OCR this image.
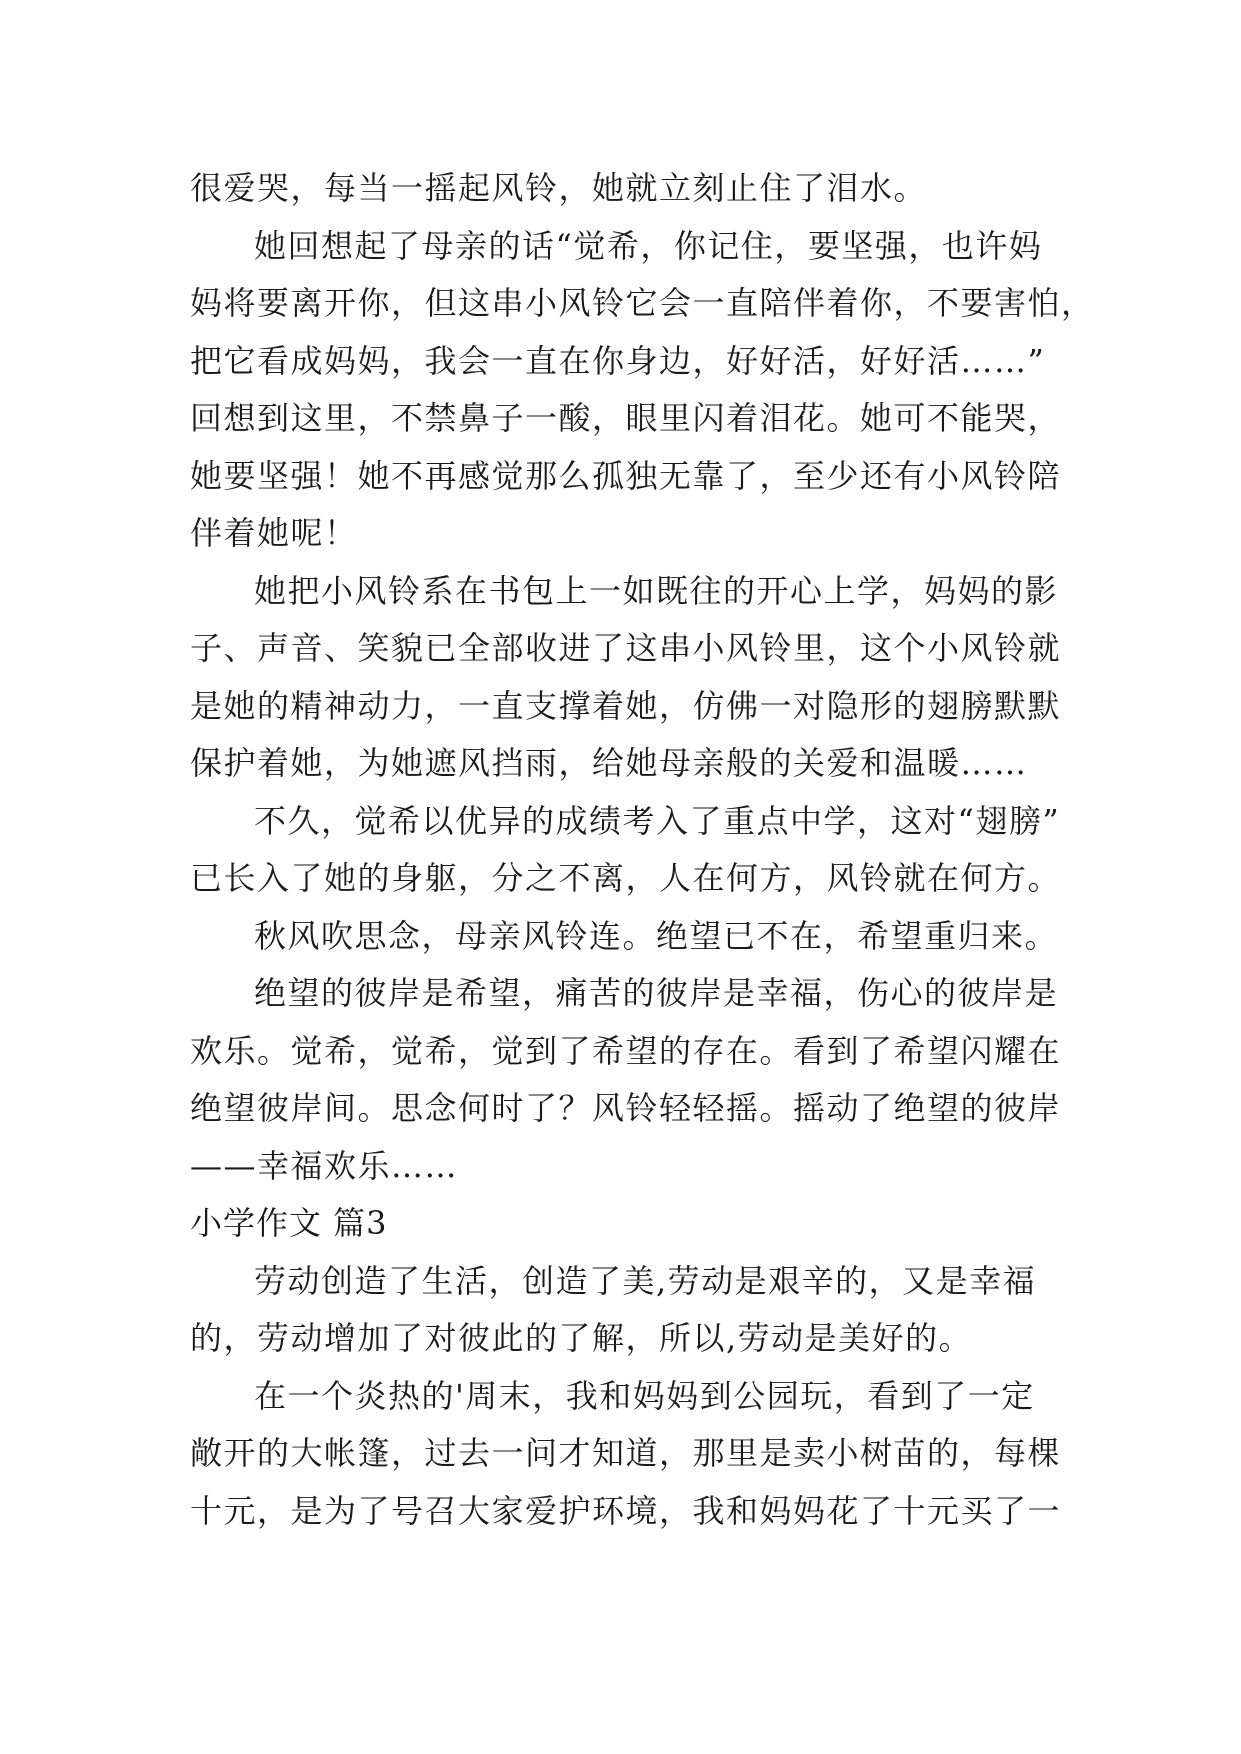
很爱哭，每当一摇起风铃，她就立刻止住了泪水。
她回想起了母亲的话“觉希，你记住，要坚强，也许妈
妈将要离开你，但这串小风铃它会一直陪伴着你，不要害怕，
把它看成妈妈，我会一直在你身边，好好活，好好活……”
回想到这里，不禁鼻子一酸，眼里闪着泪花。她可不能哭，
她要坚强！她不再感觉那么孤独无靠了，至少还有小风铃陪
伴着她呢！
她把小风铃系在书包上一如既往的开心上学，妈妈的影
子、声音、笑貌已全部收进了这串小风铃里，这个小风铃就
是她的精神动力，一直支撑着她，仿佛一对隐形的翅膀默默
保护着她，为她遮风挡雨，给她母亲般的关爱和温暖……
不久，觉希以优异的成绩考入了重点中学，这对“翅膀”
已长入了她的身躯，分之不离，人在何方，风铃就在何方。
秋风吹思念，母亲风铃连。绝望已不在，希望重归来。
绝望的彼岸是希望，痛苦的彼岸是幸福，伤心的彼岸是
欢乐。觉希，觉希，觉到了希望的存在。看到了希望闪耀在
绝望彼岸间。思念何时了？风铃轻轻摇。摇动了绝望的彼岸
——幸福欢乐……
小学作文 篇3
劳动创造了生活，创造了美,劳动是艰辛的，又是幸福
的，劳动增加了对彼此的了解，所以,劳动是美好的。
在一个炎热的'周末，我和妈妈到公园玩，看到了一定
敞开的大帐篷，过去一问才知道，那里是卖小树苗的，每棵
十元，是为了号召大家爱护环境，我和妈妈花了十元买了一
